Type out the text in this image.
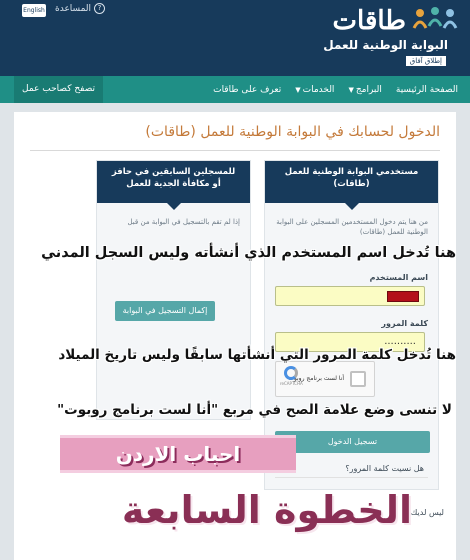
English	?
المساعدة	طاقات
البوابة الوطنية للعمل
إطلاق آفاق
الصفحة الرئيسية
البرامج▼
الخدمات▼
تعرف على طاقات
تصفح كصاحب عمل
الدخول لحسابك في البوابة الوطنية للعمل (طاقات)
للمسجلين السابقين في حافز أو مكافأة الجدية للعمل
إذا لم تقم بالتسجيل في البوابة من قبل
إكمال التسجيل في البوابة
مستخدمي البوابة الوطنية للعمل (طاقات)
من هنا يتم دخول المستخدمين المسجلين على البوابة الوطنية للعمل (طاقات)
اسم المستخدم
كلمة المرور
..........
أنا لست برنامج روبوت
reCAPTCHA
تسجيل الدخول
هل نسيت كلمة المرور؟
ليس لديك
هنا تُدخل اسم المستخدم الذي أنشأته وليس السجل المدني
هنا تُدخل كلمة المرور التي أنشأتها سابقًا وليس تاريخ الميلاد
لا تنسى وضع علامة الصح في مربع "أنا لست برنامج روبوت"
احباب الاردن
الخطوة السابعة
